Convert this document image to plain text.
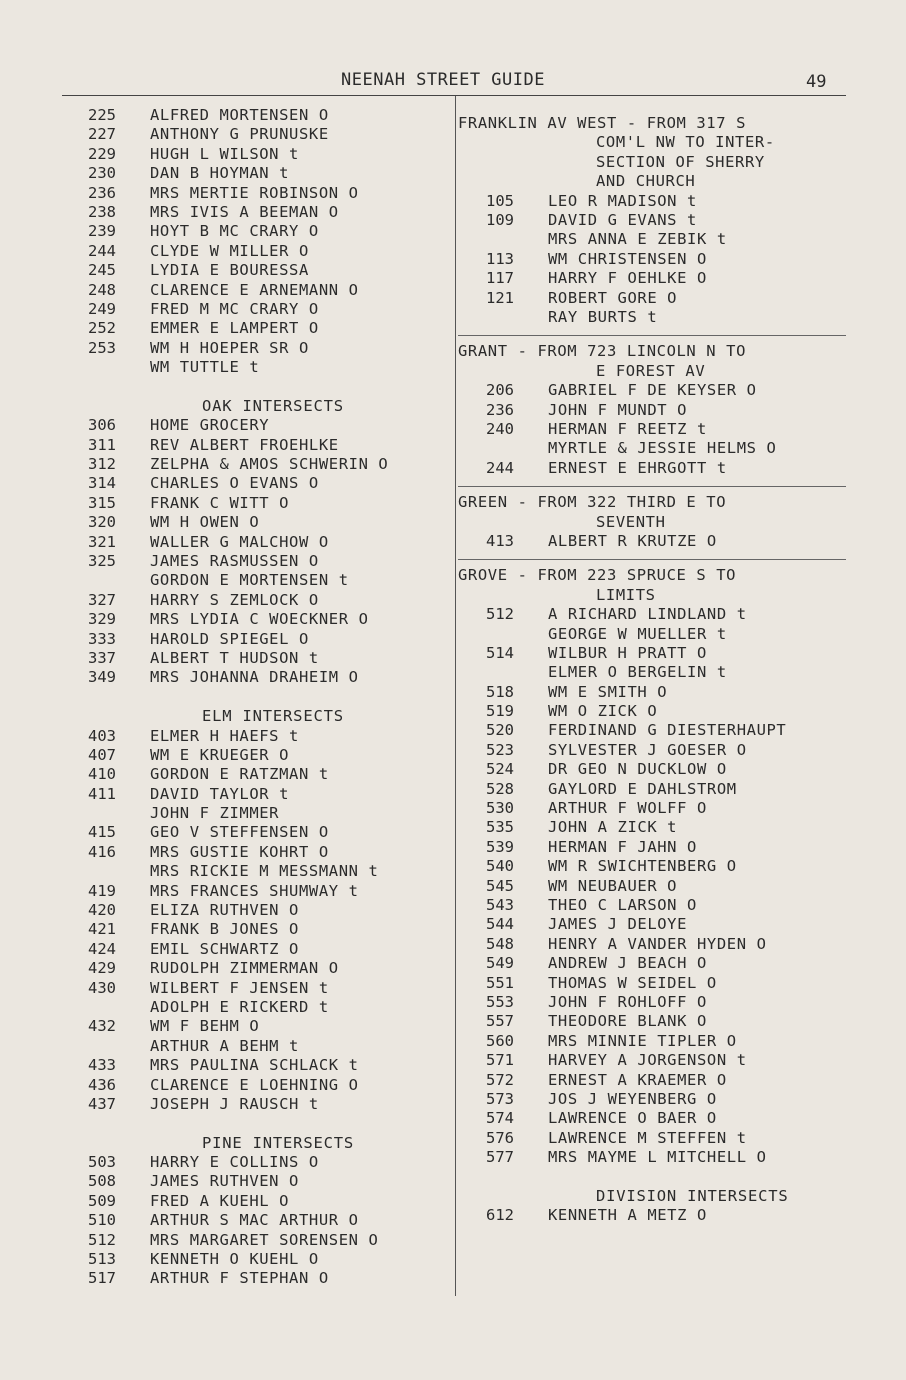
NEENAH STREET GUIDE	49
225	ALFRED MORTENSEN O
227	ANTHONY G PRUNUSKE
229	HUGH L WILSON t
230	DAN B HOYMAN t
236	MRS MERTIE ROBINSON O
238	MRS IVIS A BEEMAN O
239	HOYT B MC CRARY O
244	CLYDE W MILLER O
245	LYDIA E BOURESSA
248	CLARENCE E ARNEMANN O
249	FRED M MC CRARY O
252	EMMER E LAMPERT O
253	WM H HOEPER SR O
WM TUTTLE t
OAK INTERSECTS
306	HOME GROCERY
311	REV ALBERT FROEHLKE
312	ZELPHA & AMOS SCHWERIN O
314	CHARLES O EVANS O
315	FRANK C WITT O
320	WM H OWEN O
321	WALLER G MALCHOW O
325	JAMES RASMUSSEN O
GORDON E MORTENSEN t
327	HARRY S ZEMLOCK O
329	MRS LYDIA C WOECKNER O
333	HAROLD SPIEGEL O
337	ALBERT T HUDSON t
349	MRS JOHANNA DRAHEIM O
ELM INTERSECTS
403	ELMER H HAEFS t
407	WM E KRUEGER O
410	GORDON E RATZMAN t
411	DAVID TAYLOR t
JOHN F ZIMMER
415	GEO V STEFFENSEN O
416	MRS GUSTIE KOHRT O
MRS RICKIE M MESSMANN t
419	MRS FRANCES SHUMWAY t
420	ELIZA RUTHVEN O
421	FRANK B JONES O
424	EMIL SCHWARTZ O
429	RUDOLPH ZIMMERMAN O
430	WILBERT F JENSEN t
ADOLPH E RICKERD t
432	WM F BEHM O
ARTHUR A BEHM t
433	MRS PAULINA SCHLACK t
436	CLARENCE E LOEHNING O
437	JOSEPH J RAUSCH t
PINE INTERSECTS
503	HARRY E COLLINS O
508	JAMES RUTHVEN O
509	FRED A KUEHL O
510	ARTHUR S MAC ARTHUR O
512	MRS MARGARET SORENSEN O
513	KENNETH O KUEHL O
517	ARTHUR F STEPHAN O
FRANKLIN AV WEST - FROM 317 S
COM'L NW TO INTER-
SECTION OF SHERRY
AND CHURCH
105	LEO R MADISON t
109	DAVID G EVANS t
MRS ANNA E ZEBIK t
113	WM CHRISTENSEN O
117	HARRY F OEHLKE O
121	ROBERT GORE O
RAY BURTS t
GRANT - FROM 723 LINCOLN N TO
E FOREST AV
206	GABRIEL F DE KEYSER O
236	JOHN F MUNDT O
240	HERMAN F REETZ t
MYRTLE & JESSIE HELMS O
244	ERNEST E EHRGOTT t
GREEN - FROM 322 THIRD E TO
SEVENTH
413	ALBERT R KRUTZE O
GROVE - FROM 223 SPRUCE S TO
LIMITS
512	A RICHARD LINDLAND t
GEORGE W MUELLER t
514	WILBUR H PRATT O
ELMER O BERGELIN t
518	WM E SMITH O
519	WM O ZICK O
520	FERDINAND G DIESTERHAUPT
523	SYLVESTER J GOESER O
524	DR GEO N DUCKLOW O
528	GAYLORD E DAHLSTROM
530	ARTHUR F WOLFF O
535	JOHN A ZICK t
539	HERMAN F JAHN O
540	WM R SWICHTENBERG O
545	WM NEUBAUER O
543	THEO C LARSON O
544	JAMES J DELOYE
548	HENRY A VANDER HYDEN O
549	ANDREW J BEACH O
551	THOMAS W SEIDEL O
553	JOHN F ROHLOFF O
557	THEODORE BLANK O
560	MRS MINNIE TIPLER O
571	HARVEY A JORGENSON t
572	ERNEST A KRAEMER O
573	JOS J WEYENBERG O
574	LAWRENCE O BAER O
576	LAWRENCE M STEFFEN t
577	MRS MAYME L MITCHELL O
DIVISION INTERSECTS
612	KENNETH A METZ O
